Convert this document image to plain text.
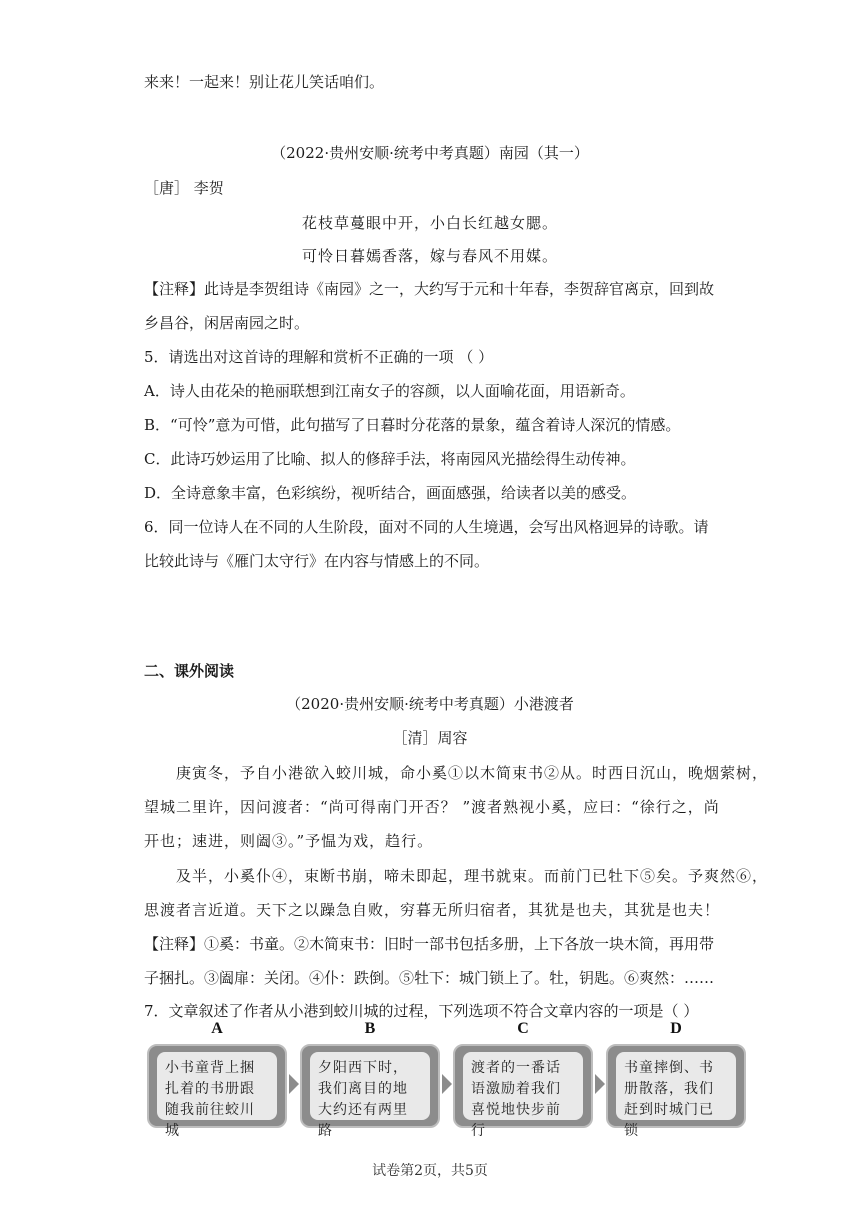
来来！一起来！别让花儿笑话咱们。
（2022·贵州安顺·统考中考真题）南园（其一）
［唐］ 李贺
花枝草蔓眼中开，小白长红越女腮。
可怜日暮嫣香落，嫁与春风不用媒。
【注释】此诗是李贺组诗《南园》之一，大约写于元和十年春，李贺辞官离京，回到故
乡昌谷，闲居南园之时。
5．请选出对这首诗的理解和赏析不正确的一项 （ ）
A．诗人由花朵的艳丽联想到江南女子的容颜，以人面喻花面，用语新奇。
B．“可怜”意为可惜，此句描写了日暮时分花落的景象，蕴含着诗人深沉的情感。
C．此诗巧妙运用了比喻、拟人的修辞手法，将南园风光描绘得生动传神。
D．全诗意象丰富，色彩缤纷，视听结合，画面感强，给读者以美的感受。
6．同一位诗人在不同的人生阶段，面对不同的人生境遇，会写出风格迥异的诗歌。请
比较此诗与《雁门太守行》在内容与情感上的不同。
二、课外阅读
（2020·贵州安顺·统考中考真题）小港渡者
［清］周容
庚寅冬，予自小港欲入蛟川城，命小奚①以木简束书②从。时西日沉山，晚烟萦树，
望城二里许，因问渡者：“尚可得南门开否？ ”渡者熟视小奚，应曰：“徐行之，尚
开也；速进，则阖③。”予愠为戏，趋行。
及半，小奚仆④，束断书崩，啼未即起，理书就束。而前门已牡下⑤矣。予爽然⑥，
思渡者言近道。天下之以躁急自败，穷暮无所归宿者，其犹是也夫，其犹是也夫！
【注释】①奚：书童。②木简束书：旧时一部书包括多册，上下各放一块木简，再用带
子捆扎。③阖扉：关闭。④仆：跌倒。⑤牡下：城门锁上了。牡，钥匙。⑥爽然：……
7．文章叙述了作者从小港到蛟川城的过程，下列选项不符合文章内容的一项是（ ）
A
小书童背上捆扎着的书册跟随我前往蛟川城
B
夕阳西下时，我们离目的地大约还有两里路
C
渡者的一番话语激励着我们喜悦地快步前行
D
书童摔倒、书册散落，我们赶到时城门已锁
试卷第2页，共5页
